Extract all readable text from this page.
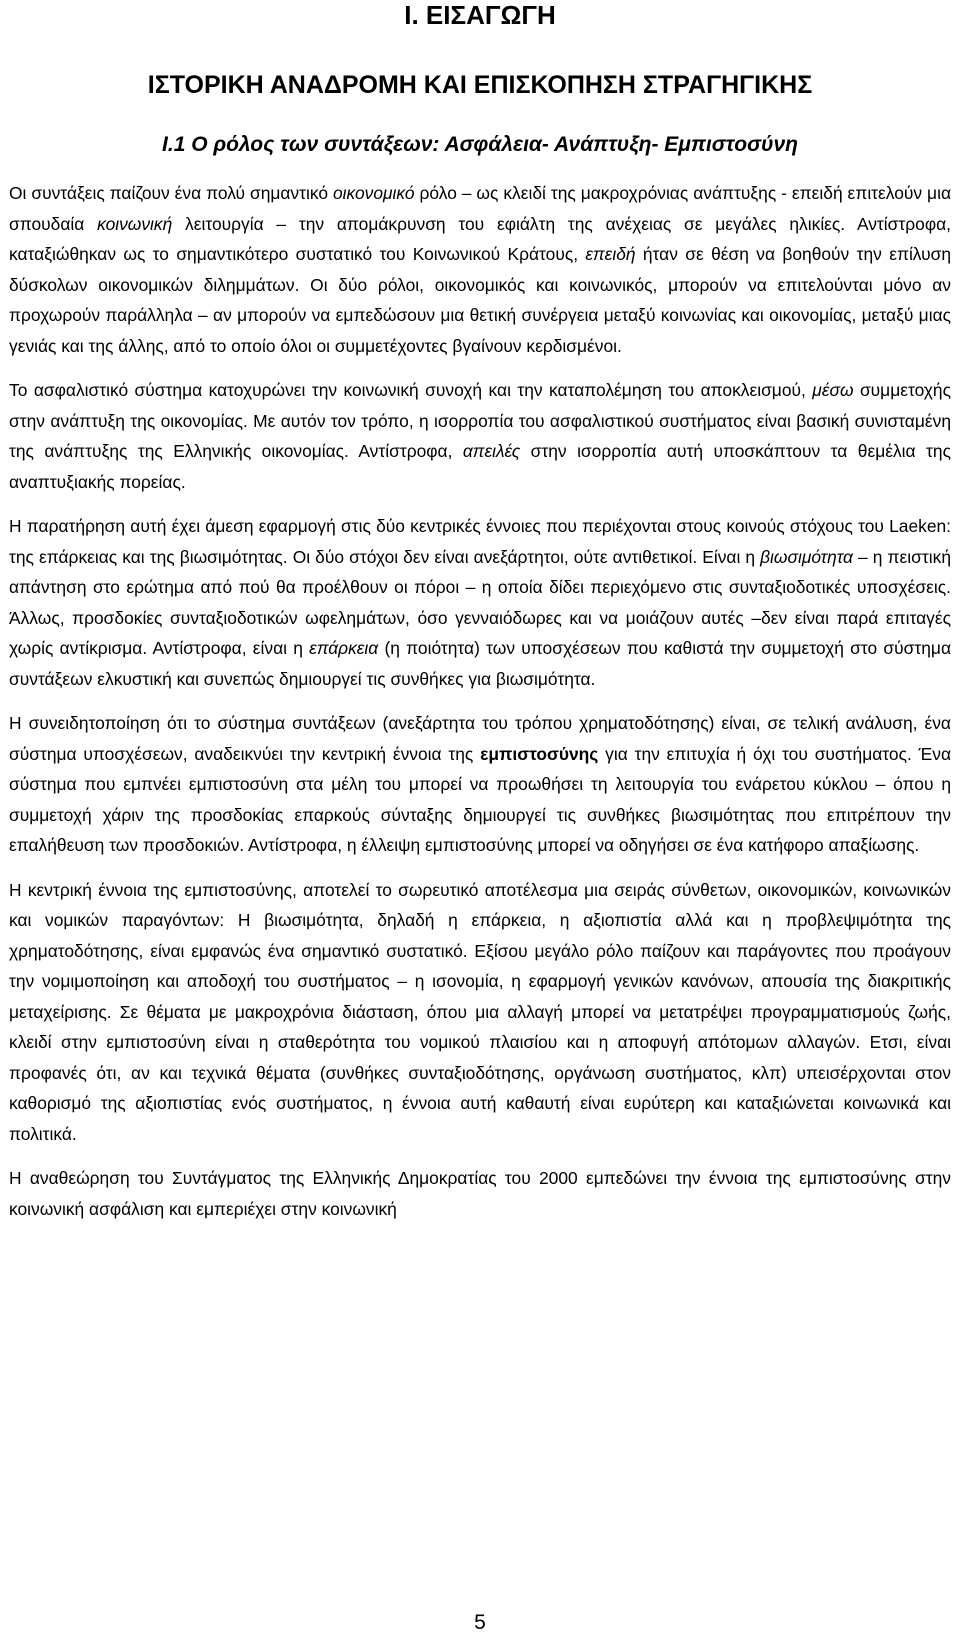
Ι. ΕΙΣΑΓΩΓΗ
ΙΣΤΟΡΙΚΗ ΑΝΑΔΡΟΜΗ ΚΑΙ ΕΠΙΣΚΟΠΗΣΗ ΣΤΡΑΓΗΓΙΚΗΣ
Ι.1 Ο ρόλος των συντάξεων: Ασφάλεια- Ανάπτυξη- Εμπιστοσύνη

Οι συντάξεις παίζουν ένα πολύ σημαντικό οικονομικό ρόλο – ως κλειδί της μακροχρόνιας ανάπτυξης - επειδή επιτελούν μια σπουδαία κοινωνική λειτουργία – την απομάκρυνση του εφιάλτη της ανέχειας σε μεγάλες ηλικίες. Αντίστροφα, καταξιώθηκαν ως το σημαντικότερο συστατικό του Κοινωνικού Κράτους, επειδή ήταν σε θέση να βοηθούν την επίλυση δύσκολων οικονομικών διλημμάτων. Οι δύο ρόλοι, οικονομικός και κοινωνικός, μπορούν να επιτελούνται μόνο αν προχωρούν παράλληλα – αν μπορούν να εμπεδώσουν μια θετική συνέργεια μεταξύ κοινωνίας και οικονομίας, μεταξύ μιας γενιάς και της άλλης, από το οποίο όλοι οι συμμετέχοντες βγαίνουν κερδισμένοι.

Το ασφαλιστικό σύστημα κατοχυρώνει την κοινωνική συνοχή και την καταπολέμηση του αποκλεισμού, μέσω συμμετοχής στην ανάπτυξη της οικονομίας. Με αυτόν τον τρόπο, η ισορροπία του ασφαλιστικού συστήματος είναι βασική συνισταμένη της ανάπτυξης της Ελληνικής οικονομίας. Αντίστροφα, απειλές στην ισορροπία αυτή υποσκάπτουν τα θεμέλια της αναπτυξιακής πορείας.

Η παρατήρηση αυτή έχει άμεση εφαρμογή στις δύο κεντρικές έννοιες που περιέχονται στους κοινούς στόχους του Laeken: της επάρκειας και της βιωσιμότητας. Οι δύο στόχοι δεν είναι ανεξάρτητοι, ούτε αντιθετικοί. Είναι η βιωσιμότητα – η πειστική απάντηση στο ερώτημα από πού θα προέλθουν οι πόροι – η οποία δίδει περιεχόμενο στις συνταξιοδοτικές υποσχέσεις. Άλλως, προσδοκίες συνταξιοδοτικών ωφελημάτων, όσο γενναιόδωρες και να μοιάζουν αυτές –δεν είναι παρά επιταγές χωρίς αντίκρισμα. Αντίστροφα, είναι η επάρκεια (η ποιότητα) των υποσχέσεων που καθιστά την συμμετοχή στο σύστημα συντάξεων ελκυστική και συνεπώς δημιουργεί τις συνθήκες για βιωσιμότητα.

Η συνειδητοποίηση ότι το σύστημα συντάξεων (ανεξάρτητα του τρόπου χρηματοδότησης) είναι, σε τελική ανάλυση, ένα σύστημα υποσχέσεων, αναδεικνύει την κεντρική έννοια της εμπιστοσύνης για την επιτυχία ή όχι του συστήματος. Ένα σύστημα που εμπνέει εμπιστοσύνη στα μέλη του μπορεί να προωθήσει τη λειτουργία του ενάρετου κύκλου – όπου η συμμετοχή χάριν της προσδοκίας επαρκούς σύνταξης δημιουργεί τις συνθήκες βιωσιμότητας που επιτρέπουν την επαλήθευση των προσδοκιών. Αντίστροφα, η έλλειψη εμπιστοσύνης μπορεί να οδηγήσει σε ένα κατήφορο απαξίωσης.

Η κεντρική έννοια της εμπιστοσύνης, αποτελεί το σωρευτικό αποτέλεσμα μια σειράς σύνθετων, οικονομικών, κοινωνικών και νομικών παραγόντων: Η βιωσιμότητα, δηλαδή η επάρκεια, η αξιοπιστία αλλά και η προβλεψιμότητα της χρηματοδότησης, είναι εμφανώς ένα σημαντικό συστατικό. Εξίσου μεγάλο ρόλο παίζουν και παράγοντες που προάγουν την νομιμοποίηση και αποδοχή του συστήματος – η ισονομία, η εφαρμογή γενικών κανόνων, απουσία της διακριτικής μεταχείρισης. Σε θέματα με μακροχρόνια διάσταση, όπου μια αλλαγή μπορεί να μετατρέψει προγραμματισμούς ζωής, κλειδί στην εμπιστοσύνη είναι η σταθερότητα του νομικού πλαισίου και η αποφυγή απότομων αλλαγών. Ετσι, είναι προφανές ότι, αν και τεχνικά θέματα (συνθήκες συνταξιοδότησης, οργάνωση συστήματος, κλπ) υπεισέρχονται στον καθορισμό της αξιοπιστίας ενός συστήματος, η έννοια αυτή καθαυτή είναι ευρύτερη και καταξιώνεται κοινωνικά και πολιτικά.

Η αναθεώρηση του Συντάγματος της Ελληνικής Δημοκρατίας του 2000 εμπεδώνει την έννοια της εμπιστοσύνης στην κοινωνική ασφάλιση και εμπεριέχει στην κοινωνική

5
